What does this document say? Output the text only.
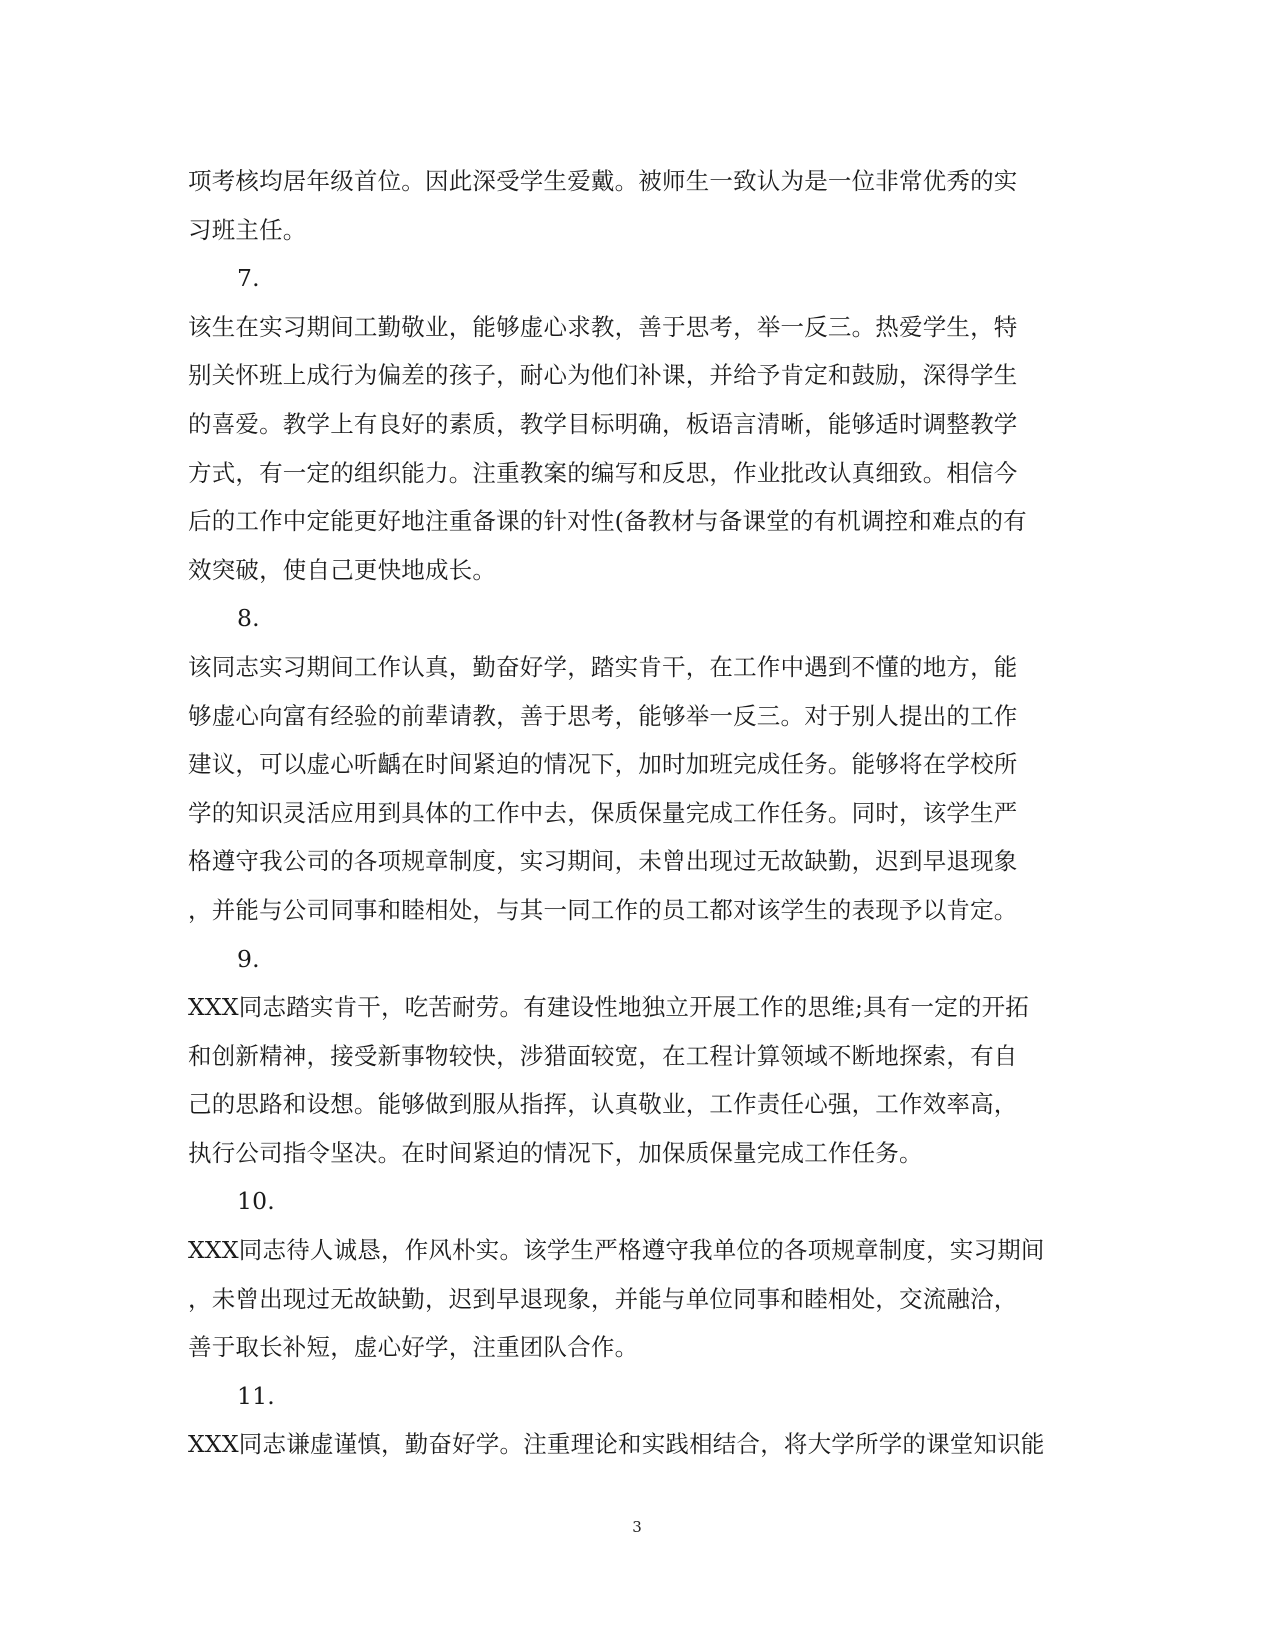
项考核均居年级首位。因此深受学生爱戴。被师生一致认为是一位非常优秀的实
习班主任。
7.
该生在实习期间工勤敬业，能够虚心求教，善于思考，举一反三。热爱学生，特
别关怀班上成行为偏差的孩子，耐心为他们补课，并给予肯定和鼓励，深得学生
的喜爱。教学上有良好的素质，教学目标明确，板语言清晰，能够适时调整教学
方式，有一定的组织能力。注重教案的编写和反思，作业批改认真细致。相信今
后的工作中定能更好地注重备课的针对性(备教材与备课堂的有机调控和难点的有
效突破，使自己更快地成长。
8.
该同志实习期间工作认真，勤奋好学，踏实肯干，在工作中遇到不懂的地方，能
够虚心向富有经验的前辈请教，善于思考，能够举一反三。对于别人提出的工作
建议，可以虚心听齲在时间紧迫的情况下，加时加班完成任务。能够将在学校所
学的知识灵活应用到具体的工作中去，保质保量完成工作任务。同时，该学生严
格遵守我公司的各项规章制度，实习期间，未曾出现过无故缺勤，迟到早退现象
，并能与公司同事和睦相处，与其一同工作的员工都对该学生的表现予以肯定。
9.
XXX同志踏实肯干，吃苦耐劳。有建设性地独立开展工作的思维;具有一定的开拓
和创新精神，接受新事物较快，涉猎面较宽，在工程计算领域不断地探索，有自
己的思路和设想。能够做到服从指挥，认真敬业，工作责任心强，工作效率高，
执行公司指令坚决。在时间紧迫的情况下，加保质保量完成工作任务。
10.
XXX同志待人诚恳，作风朴实。该学生严格遵守我单位的各项规章制度，实习期间
，未曾出现过无故缺勤，迟到早退现象，并能与单位同事和睦相处，交流融洽，
善于取长补短，虚心好学，注重团队合作。
11.
XXX同志谦虚谨慎，勤奋好学。注重理论和实践相结合，将大学所学的课堂知识能
3
